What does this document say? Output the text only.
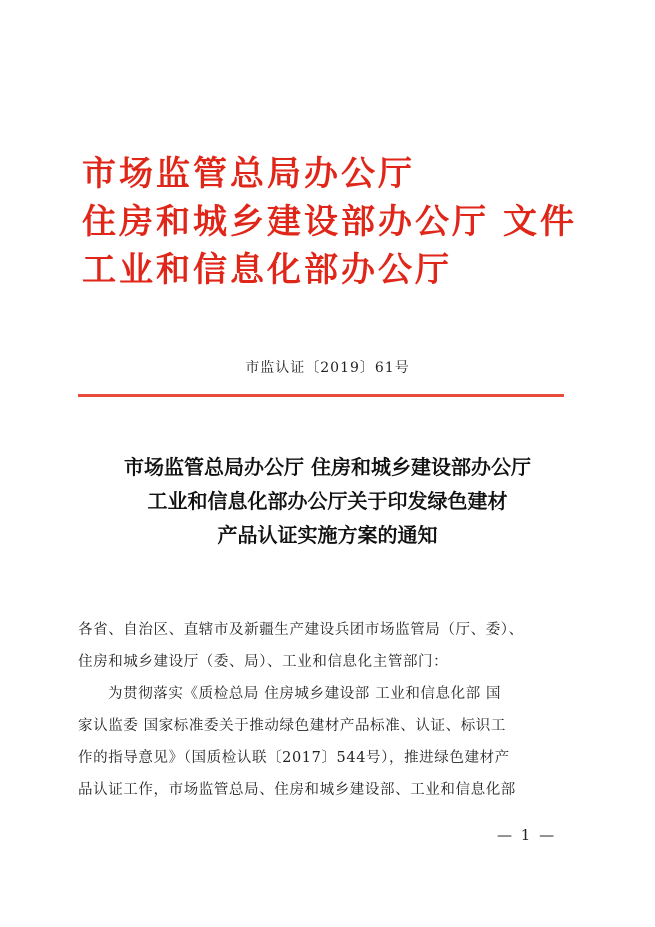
市场监管总局办公厅
住房和城乡建设部办公厅 文件
工业和信息化部办公厅
市监认证〔2019〕61号
市场监管总局办公厅 住房和城乡建设部办公厅
工业和信息化部办公厅关于印发绿色建材
产品认证实施方案的通知
各省、自治区、直辖市及新疆生产建设兵团市场监管局（厅、委）、
住房和城乡建设厅（委、局）、工业和信息化主管部门：
为贯彻落实《质检总局 住房城乡建设部 工业和信息化部 国
家认监委 国家标准委关于推动绿色建材产品标准、认证、标识工
作的指导意见》（国质检认联〔2017〕544号），推进绿色建材产
品认证工作，市场监管总局、住房和城乡建设部、工业和信息化部
— 1 —
